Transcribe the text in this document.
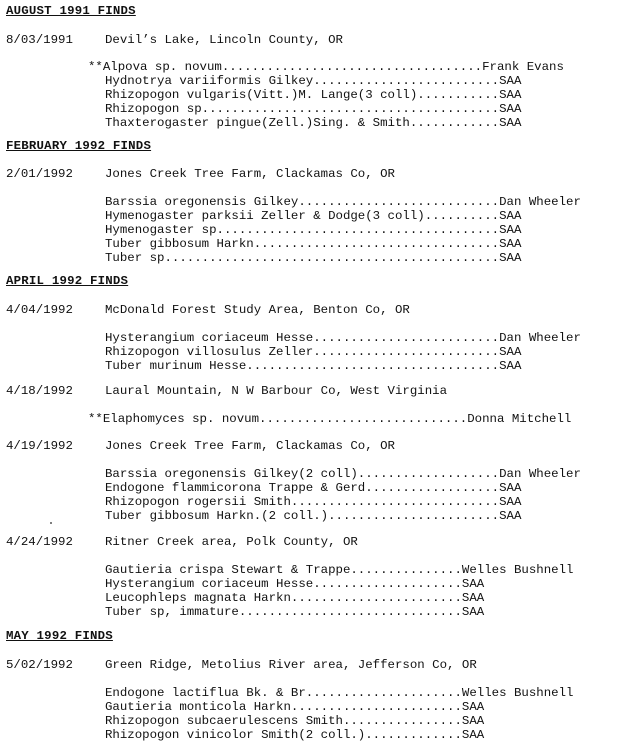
AUGUST 1991 FINDS
8/03/1991	Devil’s Lake, Lincoln County, OR
**Alpova sp. novum...................................Frank Evans
Hydnotrya variiformis Gilkey.........................SAA
Rhizopogon vulgaris(Vitt.)M. Lange(3 coll)...........SAA
Rhizopogon sp........................................SAA
Thaxterogaster pingue(Zell.)Sing. & Smith............SAA
FEBRUARY 1992 FINDS
2/01/1992	Jones Creek Tree Farm, Clackamas Co, OR
Barssia oregonensis Gilkey...........................Dan Wheeler
Hymenogaster parksii Zeller & Dodge(3 coll)..........SAA
Hymenogaster sp......................................SAA
Tuber gibbosum Harkn.................................SAA
Tuber sp.............................................SAA
APRIL 1992 FINDS
4/04/1992	McDonald Forest Study Area, Benton Co, OR
Hysterangium coriaceum Hesse.........................Dan Wheeler
Rhizopogon villosulus Zeller.........................SAA
Tuber murinum Hesse..................................SAA
4/18/1992	Laural Mountain, N W Barbour Co, West Virginia
**Elaphomyces sp. novum............................Donna Mitchell
4/19/1992	Jones Creek Tree Farm, Clackamas Co, OR
Barssia oregonensis Gilkey(2 coll)...................Dan Wheeler
Endogone flammicorona Trappe & Gerd..................SAA
Rhizopogon rogersii Smith............................SAA
Tuber gibbosum Harkn.(2 coll.).......................SAA
4/24/1992	Ritner Creek area, Polk County, OR
Gautieria crispa Stewart & Trappe...............Welles Bushnell
Hysterangium coriaceum Hesse....................SAA
Leucophleps magnata Harkn.......................SAA
Tuber sp, immature..............................SAA
MAY 1992 FINDS
5/02/1992	Green Ridge, Metolius River area, Jefferson Co, OR
Endogone lactiflua Bk. & Br.....................Welles Bushnell
Gautieria monticola Harkn.......................SAA
Rhizopogon subcaerulescens Smith................SAA
Rhizopogon vinicolor Smith(2 coll.).............SAA
